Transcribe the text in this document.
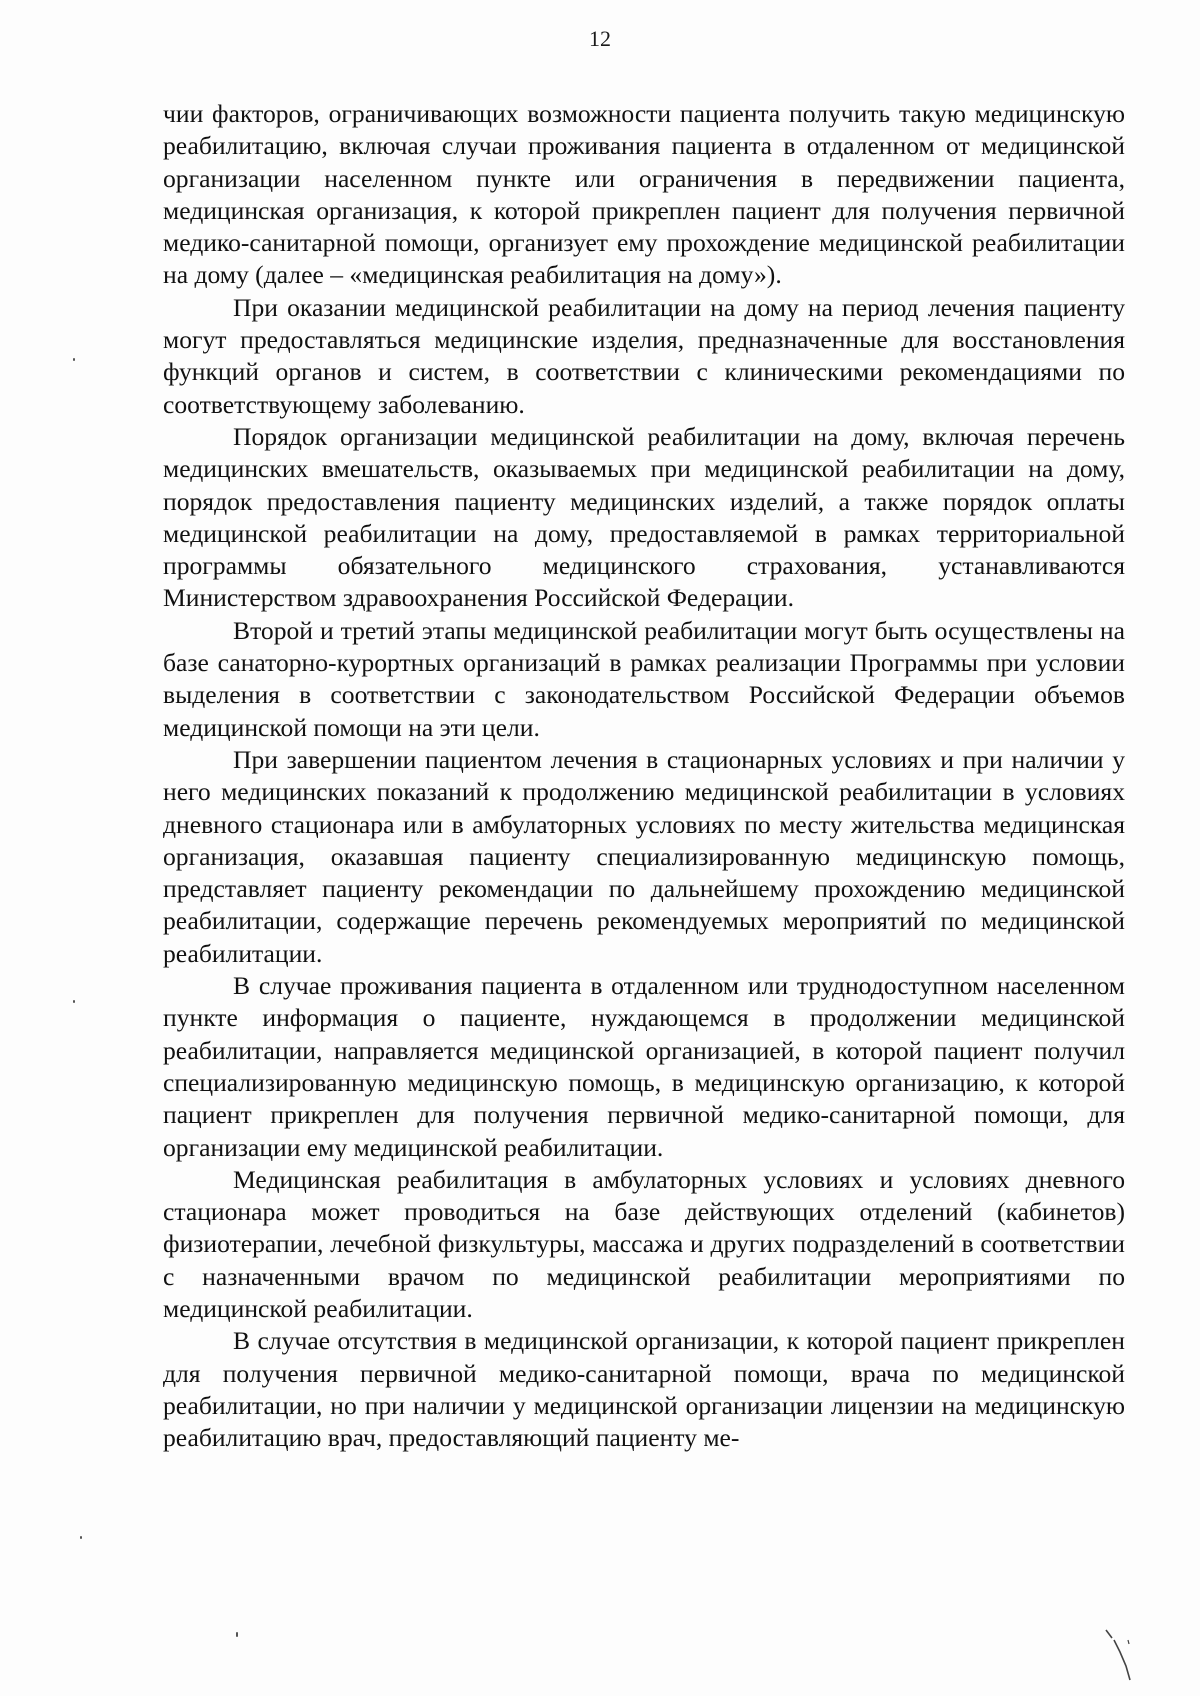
12

чии факторов, ограничивающих возможности пациента получить такую медицинскую реабилитацию, включая случаи проживания пациента в отдаленном от медицинской организации населенном пункте или ограничения в передвижении пациента, медицинская организация, к которой прикреплен пациент для получения первичной медико-санитарной помощи, организует ему прохождение медицинской реабилитации на дому (далее – «медицинская реабилитация на дому»).

При оказании медицинской реабилитации на дому на период лечения пациенту могут предоставляться медицинские изделия, предназначенные для восстановления функций органов и систем, в соответствии с клиническими рекомендациями по соответствующему заболеванию.

Порядок организации медицинской реабилитации на дому, включая перечень медицинских вмешательств, оказываемых при медицинской реабилитации на дому, порядок предоставления пациенту медицинских изделий, а также порядок оплаты медицинской реабилитации на дому, предоставляемой в рамках территориальной программы обязательного медицинского страхования, устанавливаются Министерством здравоохранения Российской Федерации.

Второй и третий этапы медицинской реабилитации могут быть осуществлены на базе санаторно-курортных организаций в рамках реализации Программы при условии выделения в соответствии с законодательством Российской Федерации объемов медицинской помощи на эти цели.

При завершении пациентом лечения в стационарных условиях и при наличии у него медицинских показаний к продолжению медицинской реабилитации в условиях дневного стационара или в амбулаторных условиях по месту жительства медицинская организация, оказавшая пациенту специализированную медицинскую помощь, представляет пациенту рекомендации по дальнейшему прохождению медицинской реабилитации, содержащие перечень рекомендуемых мероприятий по медицинской реабилитации.

В случае проживания пациента в отдаленном или труднодоступном населенном пункте информация о пациенте, нуждающемся в продолжении медицинской реабилитации, направляется медицинской организацией, в которой пациент получил специализированную медицинскую помощь, в медицинскую организацию, к которой пациент прикреплен для получения первичной медико-санитарной помощи, для организации ему медицинской реабилитации.

Медицинская реабилитация в амбулаторных условиях и условиях дневного стационара может проводиться на базе действующих отделений (кабинетов) физиотерапии, лечебной физкультуры, массажа и других подразделений в соответствии с назначенными врачом по медицинской реабилитации мероприятиями по медицинской реабилитации.

В случае отсутствия в медицинской организации, к которой пациент прикреплен для получения первичной медико-санитарной помощи, врача по медицинской реабилитации, но при наличии у медицинской организации лицензии на медицинскую реабилитацию врач, предоставляющий пациенту ме-
